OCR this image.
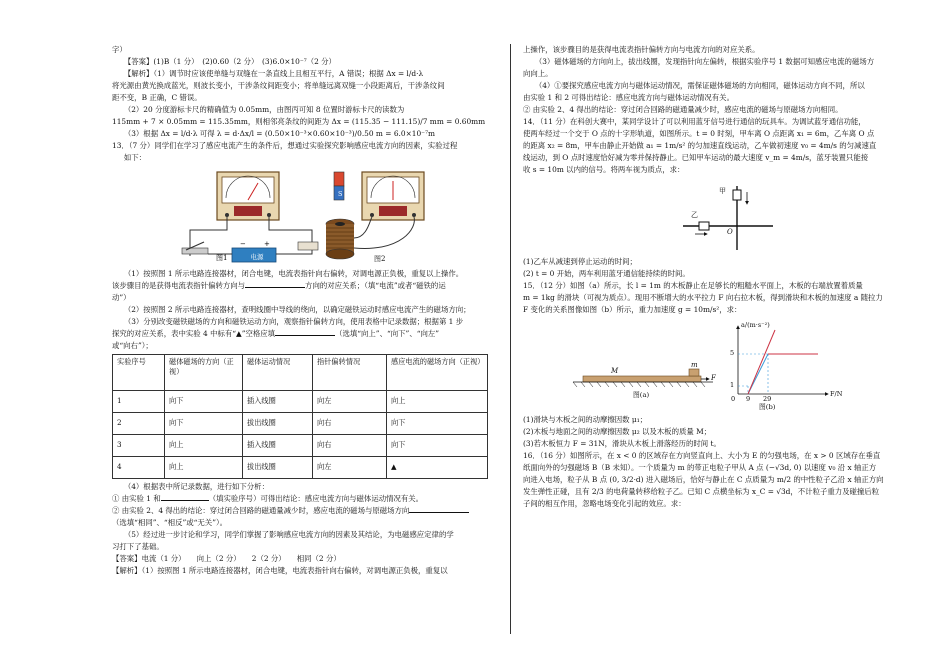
字）

【答案】(1)B（1 分）　(2)0.60（2 分）　(3)6.0×10⁻⁷（2 分）

【解析】（1）调节时应该使单缝与双缝在一条直线上且相互平行，A 错误；根据 Δx = l/d·λ

将光源由黄光换成蓝光，则波长变小，干涉条纹间距变小；将单缝远离双缝一小段距离后，干涉条纹间

距不变，B 正确，C 错误。

（2）20 分度游标卡尺的精确值为 0.05mm，由图丙可知 8 位置时游标卡尺的读数为

115mm + 7 × 0.05mm = 115.35mm，则相邻亮条纹的间距为 Δx = (115.35 − 111.15)/7 mm = 0.60mm

（3）根据 Δx = l/d·λ 可得 λ = d·Δx/l = (0.50×10⁻³×0.60×10⁻³)/0.50 m = 6.0×10⁻⁷m

13．（7 分）同学们在学习了感应电流产生的条件后，想通过实验探究影响感应电流方向的因素，实验过程

如下：

−	+
图1
N
S
电源	图2

（1）按照图 1 所示电路连接器材，闭合电键，电流表指针向右偏转，对调电源正负极，重复以上操作。

该步骤目的是获得电流表指针偏转方向与	方向的对应关系；（填“电流”或者“磁铁的运

动”）

（2）按照图 2 所示电路连接器材，查明线圈中导线的绕向，以确定磁铁运动时感应电流产生的磁场方向；

（3）分别改变磁铁磁场的方向和磁铁运动方向，观察指针偏转方向，使用表格中记录数据；根据第 1 步

探究的对应关系，表中实验 4 中标有“▲”空格应填	（选填“向上”、“向下”、“向左”

或“向右”）；

实验序号	磁体磁场的方向（正视）	磁体运动情况	指针偏转情况	感应电流的磁场方向（正视）
1	向下	插入线圈	向左	向上
2	向下	拔出线圈	向右	向下
3	向上	插入线圈	向右	向下
4	向上	拔出线圈	向左	▲

（4）根据表中所记录数据，进行如下分析：

① 由实验 1 和	（填实验序号）可得出结论：感应电流方向与磁体运动情况有关。

② 由实验 2、4 得出的结论：穿过闭合回路的磁通量减少时，感应电流的磁场与原磁场方向

（选填“相同”、“相反”或“无关”）。

（5）经过进一步讨论和学习，同学们掌握了影响感应电流方向的因素及其结论，为电磁感应定律的学

习打下了基础。

【答案】电流（1 分）　　向上（2 分）　　2（2 分）　　相同（2 分）

【解析】（1）按照图 1 所示电路连接器材，闭合电键，电流表指针向右偏转，对调电源正负极，重复以

上操作，该步骤目的是获得电流表指针偏转方向与电流方向的对应关系。

（3）磁体磁场的方向向上，拔出线圈，发现指针向左偏转，根据实验序号 1 数据可知感应电流的磁场方

向向上。

（4）①要探究感应电流方向与磁体运动情况，需保证磁体磁场的方向相同，磁体运动方向不同，所以

由实验 1 和 2 可得出结论：感应电流方向与磁体运动情况有关。

② 由实验 2、4 得出的结论：穿过闭合回路的磁通量减少时，感应电流的磁场与原磁场方向相同。

14．（11 分）在科创大赛中，某同学设计了可以利用蓝牙信号进行通信的玩具车。为调试蓝牙通信功能，

使两车经过一个交于 O 点的十字形轨道，如图所示。t = 0 时刻，甲车离 O 点距离 x₁ = 6m，乙车离 O 点

的距离 x₂ = 8m，甲车由静止开始做 a₁ = 1m/s² 的匀加速直线运动，乙车做初速度 v₀ = 4m/s 的匀减速直

线运动，到 O 点时速度恰好减为零并保持静止。已知甲车运动的最大速度 v_m = 4m/s，蓝牙装置只能接

收 s = 10m 以内的信号。将两车视为质点，求：

甲
乙
O

(1)乙车从减速到停止运动的时间；

(2) t = 0 开始，两车利用蓝牙通信能持续的时间。

15．（12 分）如图（a）所示，长 l = 1m 的木板静止在足够长的粗糙水平面上，木板的右端放置着质量

m = 1kg 的滑块（可视为质点）。现用不断增大的水平拉力 F 向右拉木板，得到滑块和木板的加速度 a 随拉力

F 变化的关系图像如图（b）所示，重力加速度 g = 10m/s²，求：

M
m
F
图(a)
a/(m·s⁻²)
F/N
5
1
0 9 29
图(b)

(1)滑块与木板之间的动摩擦因数 μ₁；

(2)木板与地面之间的动摩擦因数 μ₂ 以及木板的质量 M；

(3)若木板恒力 F = 31N，滑块从木板上滑落经历的时间 t。

16．（16 分）如图所示，在 x < 0 的区域存在方向竖直向上、大小为 E 的匀强电场，在 x > 0 区域存在垂直

纸面向外的匀强磁场 B（B 未知）。一个质量为 m 的带正电粒子甲从 A 点 (−√3d, 0) 以速度 v₀ 沿 x 轴正方

向进入电场，粒子从 B 点 (0, 3/2·d) 进入磁场后，恰好与静止在 C 点质量为 m/2 的中性粒子乙沿 x 轴正方向

发生弹性正碰，且有 2/3 的电荷量转移给粒子乙。已知 C 点横坐标为 x_C = √3d，不计粒子重力及碰撞后粒

子间的相互作用，忽略电场变化引起的效应。求：
